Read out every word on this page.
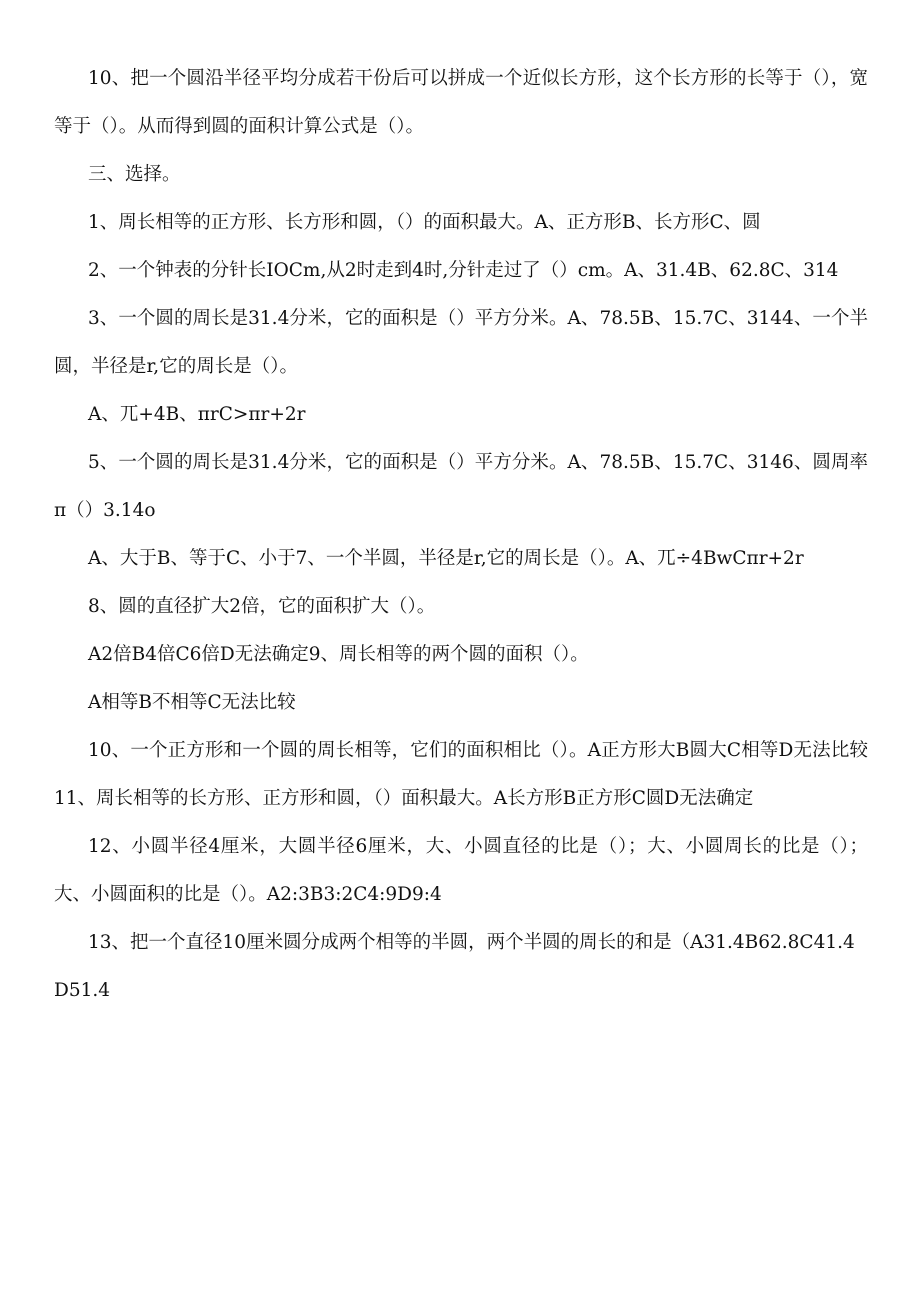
10、把一个圆沿半径平均分成若干份后可以拼成一个近似长方形，这个长方形的长等于（），宽等于（）。从而得到圆的面积计算公式是（）。

三、选择。

1、周长相等的正方形、长方形和圆，（）的面积最大。A、正方形B、长方形C、圆

2、一个钟表的分针长IOCm,从2时走到4时,分针走过了（）cm。A、31.4B、62.8C、314

3、一个圆的周长是31.4分米，它的面积是（）平方分米。A、78.5B、15.7C、3144、一个半圆，半径是r,它的周长是（）。

A、兀+4B、πrC>πr+2r

5、一个圆的周长是31.4分米，它的面积是（）平方分米。A、78.5B、15.7C、3146、圆周率π（）3.14o

A、大于B、等于C、小于7、一个半圆，半径是r,它的周长是（）。A、兀÷4BwCπr+2r

8、圆的直径扩大2倍，它的面积扩大（）。

A2倍B4倍C6倍D无法确定9、周长相等的两个圆的面积（）。

A相等B不相等C无法比较

10、一个正方形和一个圆的周长相等，它们的面积相比（）。A正方形大B圆大C相等D无法比较11、周长相等的长方形、正方形和圆，（）面积最大。A长方形B正方形C圆D无法确定

12、小圆半径4厘米，大圆半径6厘米，大、小圆直径的比是（）；大、小圆周长的比是（）；大、小圆面积的比是（）。A2:3B3:2C4:9D9:4

13、把一个直径10厘米圆分成两个相等的半圆，两个半圆的周长的和是（A31.4B62.8C41.4D51.4
